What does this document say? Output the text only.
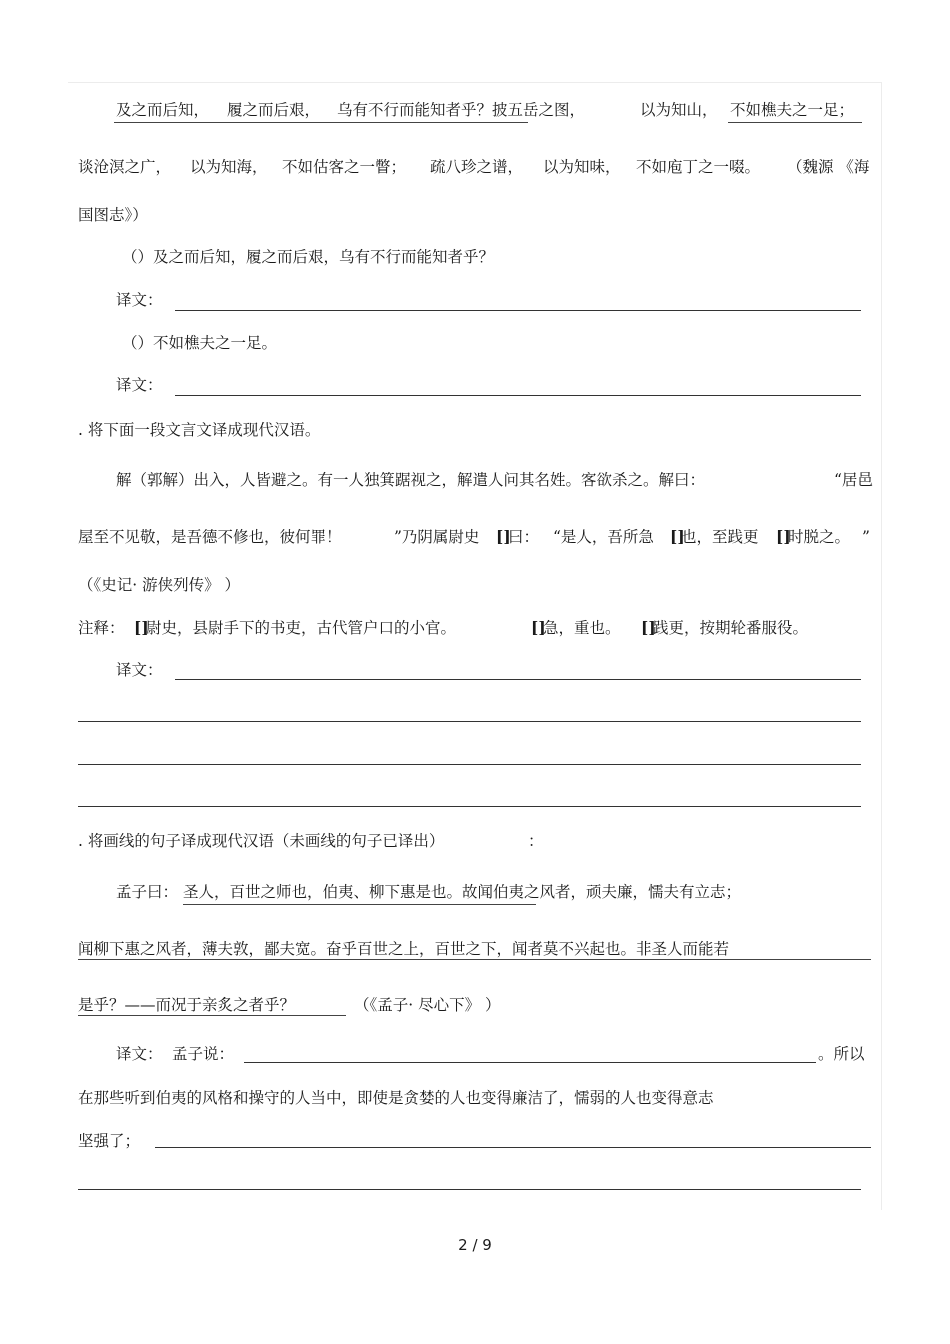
及之而后知， 履之而后艰， 乌有不行而能知者乎？披五岳之图，	以为知山， 不如樵夫之一足；
谈沧溟之广， 以为知海， 不如估客之一瞥； 疏八珍之谱， 以为知味， 不如庖丁之一啜。 （魏源 《海
国图志》）
（）及之而后知，履之而后艰，乌有不行而能知者乎？
译文：
（）不如樵夫之一足。
译文：
. 将下面一段文言文译成现代汉语。
解（郭解）出入，人皆避之。有一人独箕踞视之，解遣人问其名姓。客欲杀之。解曰：	“居邑
屋至不见敬，是吾德不修也，彼何罪！	”乃阴属尉史 []
曰： “是人，吾所急 []
也，至践更 []
时脱之。 ”
（《史记· 游侠列传》 ）
注释： []
尉史，县尉手下的书吏，古代管户口的小官。	[]
急，重也。 []
践更，按期轮番服役。
译文：
. 将画线的句子译成现代汉语（未画线的句子已译出）	：
孟子曰： 圣人，百世之师也，伯夷、柳下惠是也。故闻伯夷之风者，顽夫廉，懦夫有立志；
闻柳下惠之风者，薄夫敦，鄙夫宽。奋乎百世之上，百世之下，闻者莫不兴起也。非圣人而能若
是乎？——而况于亲炙之者乎？	（《孟子· 尽心下》 ）
译文： 孟子说：	。所以
在那些听到伯夷的风格和操守的人当中，即使是贪婪的人也变得廉洁了，懦弱的人也变得意志
坚强了；
2 / 9
